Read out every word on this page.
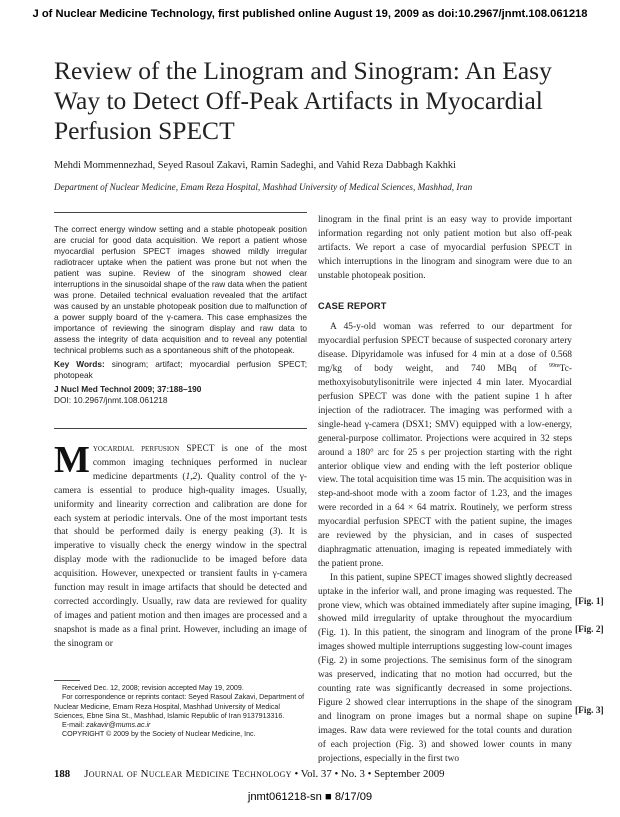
J of Nuclear Medicine Technology, first published online August 19, 2009 as doi:10.2967/jnmt.108.061218
Review of the Linogram and Sinogram: An Easy Way to Detect Off-Peak Artifacts in Myocardial Perfusion SPECT
Mehdi Mommennezhad, Seyed Rasoul Zakavi, Ramin Sadeghi, and Vahid Reza Dabbagh Kakhki
Department of Nuclear Medicine, Emam Reza Hospital, Mashhad University of Medical Sciences, Mashhad, Iran

The correct energy window setting and a stable photopeak position are crucial for good data acquisition. We report a patient whose myocardial perfusion SPECT images showed mildly irregular radiotracer uptake when the patient was prone but not when the patient was supine. Review of the sinogram showed clear interruptions in the sinusoidal shape of the raw data when the patient was prone. Detailed technical evaluation revealed that the artifact was caused by an unstable photopeak position due to malfunction of a power supply board of the γ-camera. This case emphasizes the importance of reviewing the sinogram display and raw data to assess the integrity of data acquisition and to reveal any potential technical problems such as a spontaneous shift of the photopeak.

Key Words: sinogram; artifact; myocardial perfusion SPECT; photopeak

J Nucl Med Technol 2009; 37:188–190

DOI: 10.2967/jnmt.108.061218

Myocardial perfusion SPECT is one of the most common imaging techniques performed in nuclear medicine departments (1,2). Quality control of the γ-camera is essential to produce high-quality images. Usually, uniformity and linearity correction and calibration are done for each system at periodic intervals. One of the most important tests that should be performed daily is energy peaking (3). It is imperative to visually check the energy window in the spectral display mode with the radionuclide to be imaged before data acquisition. However, unexpected or transient faults in γ-camera function may result in image artifacts that should be detected and corrected accordingly. Usually, raw data are reviewed for quality of images and patient motion and then images are processed and a snapshot is made as a final print. However, including an image of the sinogram or

Received Dec. 12, 2008; revision accepted May 19, 2009.

For correspondence or reprints contact: Seyed Rasoul Zakavi, Department of Nuclear Medicine, Emam Reza Hospital, Mashhad University of Medical Sciences, Ebne Sina St., Mashhad, Islamic Republic of Iran 9137913316.

E-mail: zakavir@mums.ac.ir

COPYRIGHT © 2009 by the Society of Nuclear Medicine, Inc.

linogram in the final print is an easy way to provide important information regarding not only patient motion but also off-peak artifacts. We report a case of myocardial perfusion SPECT in which interruptions in the linogram and sinogram were due to an unstable photopeak position.

CASE REPORT

A 45-y-old woman was referred to our department for myocardial perfusion SPECT because of suspected coronary artery disease. Dipyridamole was infused for 4 min at a dose of 0.568 mg/kg of body weight, and 740 MBq of $^{99m}$Tc-methoxyisobutylisonitrile were injected 4 min later. Myocardial perfusion SPECT was done with the patient supine 1 h after injection of the radiotracer. The imaging was performed with a single-head γ-camera (DSX1; SMV) equipped with a low-energy, general-purpose collimator. Projections were acquired in 32 steps around a 180° arc for 25 s per projection starting with the right anterior oblique view and ending with the left posterior oblique view. The total acquisition time was 15 min. The acquisition was in step-and-shoot mode with a zoom factor of 1.23, and the images were recorded in a 64 × 64 matrix. Routinely, we perform stress myocardial perfusion SPECT with the patient supine, the images are reviewed by the physician, and in cases of suspected diaphragmatic attenuation, imaging is repeated immediately with the patient prone.

In this patient, supine SPECT images showed slightly decreased uptake in the inferior wall, and prone imaging was requested. The prone view, which was obtained immediately after supine imaging, showed mild irregularity of uptake throughout the myocardium (Fig. 1). In this patient, the sinogram and linogram of the prone images showed multiple interruptions suggesting low-count images (Fig. 2) in some projections. The semisinus form of the sinogram was preserved, indicating that no motion had occurred, but the counting rate was significantly decreased in some projections. Figure 2 showed clear interruptions in the shape of the sinogram and linogram on prone images but a normal shape on supine images. Raw data were reviewed for the total counts and duration of each projection (Fig. 3) and showed lower counts in many projections, especially in the first two

[Fig. 1]
[Fig. 2]
[Fig. 3]
188 Journal of Nuclear Medicine Technology • Vol. 37 • No. 3 • September 2009
jnmt061218-sn ■ 8/17/09
